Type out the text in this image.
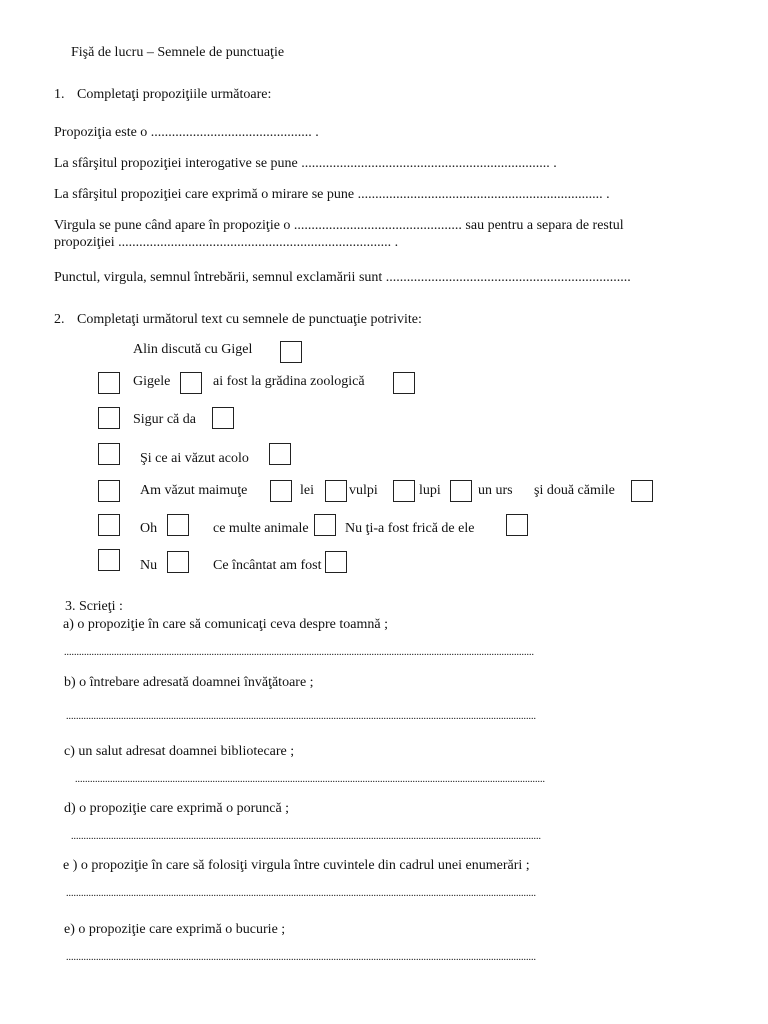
Fişă de lucru – Semnele de punctuaţie
1. Completaţi propoziţiile următoare:
Propoziţia este o .............................................. .
La sfârşitul propoziţiei interogative se pune ....................................................................... .
La sfârşitul propoziţiei care exprimă o mirare se pune ...................................................................... .
Virgula se pune când apare în propoziţie o ................................................ sau pentru a separa de restul
propoziţiei .............................................................................. .
Punctul, virgula, semnul întrebării, semnul exclamării sunt ......................................................................
2. Completaţi următorul text cu semnele de punctuaţie potrivite:
Alin discută cu Gigel
Gigele	ai fost la grădina zoologică
Sigur că da
Şi ce ai văzut acolo
Am văzut maimuţe	lei	vulpi	lupi	un urs şi două cămile
Oh	ce multe animale	Nu ţi-a fost frică de ele
Nu	Ce încântat am fost
3. Scrieţi :
a) o propoziţie în care să comunicaţi ceva despre toamnă ;
............................................................................................................................................................................................
b) o întrebare adresată doamnei învăţătoare ;
............................................................................................................................................................................................
c) un salut adresat doamnei bibliotecare ;
............................................................................................................................................................................................
d) o propoziţie care exprimă o poruncă ;
............................................................................................................................................................................................
e ) o propoziţie în care să folosiţi virgula între cuvintele din cadrul unei enumerări ;
............................................................................................................................................................................................
e) o propoziţie care exprimă o bucurie ;
............................................................................................................................................................................................
